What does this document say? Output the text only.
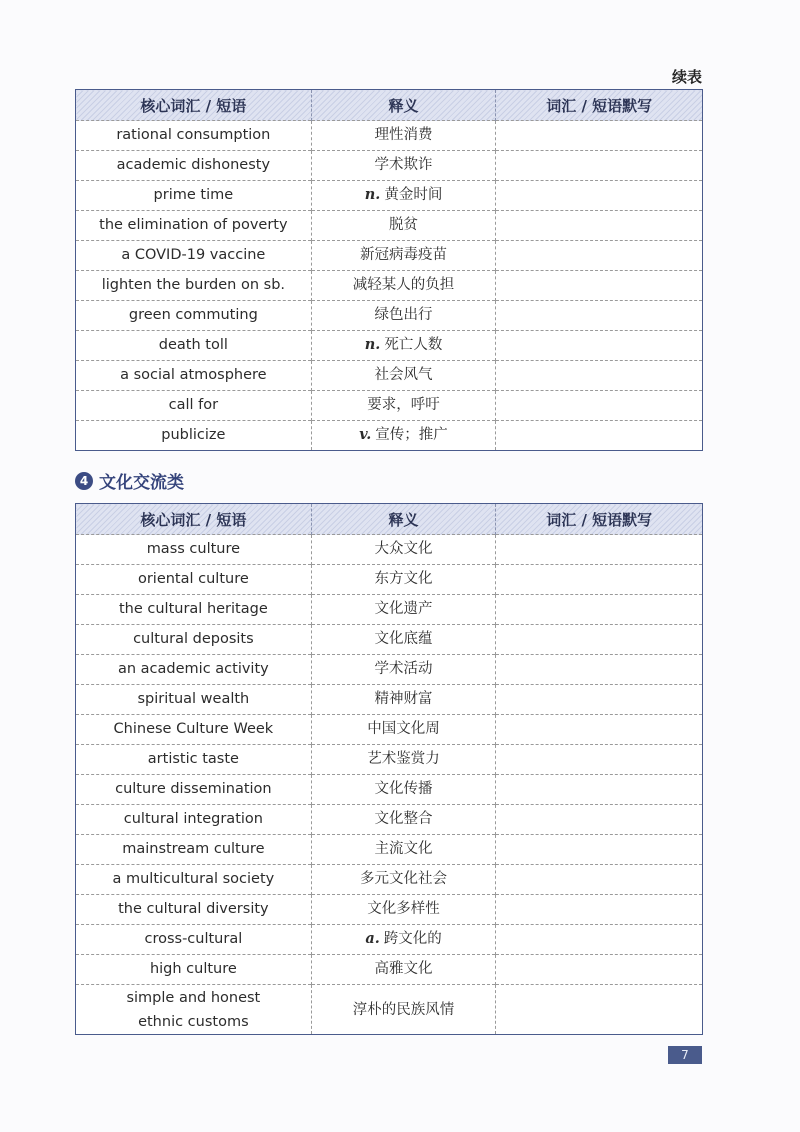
续表
核心词汇 / 短语	释义	词汇 / 短语默写
rational consumption	理性消费	
academic dishonesty	学术欺诈	
prime time	n. 黄金时间	
the elimination of poverty	脱贫	
a COVID-19 vaccine	新冠病毒疫苗	
lighten the burden on sb.	减轻某人的负担	
green commuting	绿色出行	
death toll	n. 死亡人数	
a social atmosphere	社会风气	
call for	要求，呼吁	
publicize	v. 宣传；推广	
4 文化交流类
核心词汇 / 短语	释义	词汇 / 短语默写
mass culture	大众文化	
oriental culture	东方文化	
the cultural heritage	文化遗产	
cultural deposits	文化底蕴	
an academic activity	学术活动	
spiritual wealth	精神财富	
Chinese Culture Week	中国文化周	
artistic taste	艺术鉴赏力	
culture dissemination	文化传播	
cultural integration	文化整合	
mainstream culture	主流文化	
a multicultural society	多元文化社会	
the cultural diversity	文化多样性	
cross-cultural	a. 跨文化的	
high culture	高雅文化	
simple and honest ethnic customs	淳朴的民族风情	
7
